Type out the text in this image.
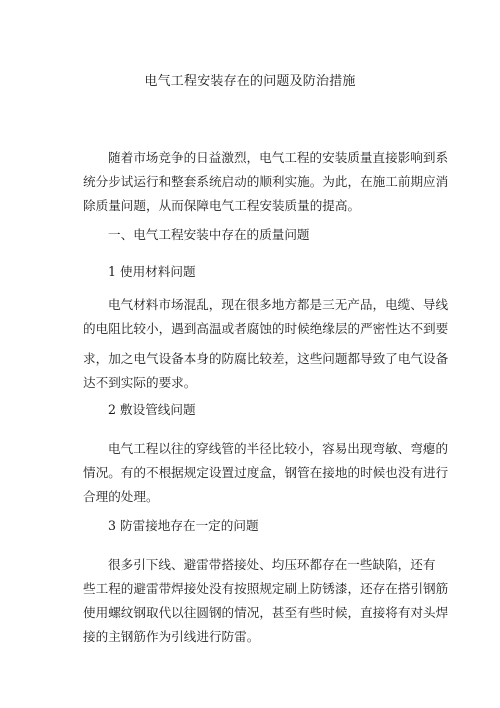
电气工程安装存在的问题及防治措施
随着市场竞争的日益激烈，电气工程的安装质量直接影响到系
统分步试运行和整套系统启动的顺利实施。为此，在施工前期应消
除质量问题，从而保障电气工程安装质量的提高。
一、电气工程安装中存在的质量问题
1 使用材料问题
电气材料市场混乱，现在很多地方都是三无产品，电缆、导线
的电阻比较小，遇到高温或者腐蚀的时候绝缘层的严密性达不到要
求，加之电气设备本身的防腐比较差，这些问题都导致了电气设备
达不到实际的要求。
2 敷设管线问题
电气工程以往的穿线管的半径比较小，容易出现弯敏、弯瘪的
情况。有的不根据规定设置过度盒，钢管在接地的时候也没有进行
合理的处理。
3 防雷接地存在一定的问题
很多引下线、避雷带搭接处、均压环都存在一些缺陷，还有
些工程的避雷带焊接处没有按照规定刷上防锈漆，还存在搭引钢筋
使用螺纹钢取代以往圆钢的情况，甚至有些时候，直接将有对头焊
接的主钢筋作为引线进行防雷。
